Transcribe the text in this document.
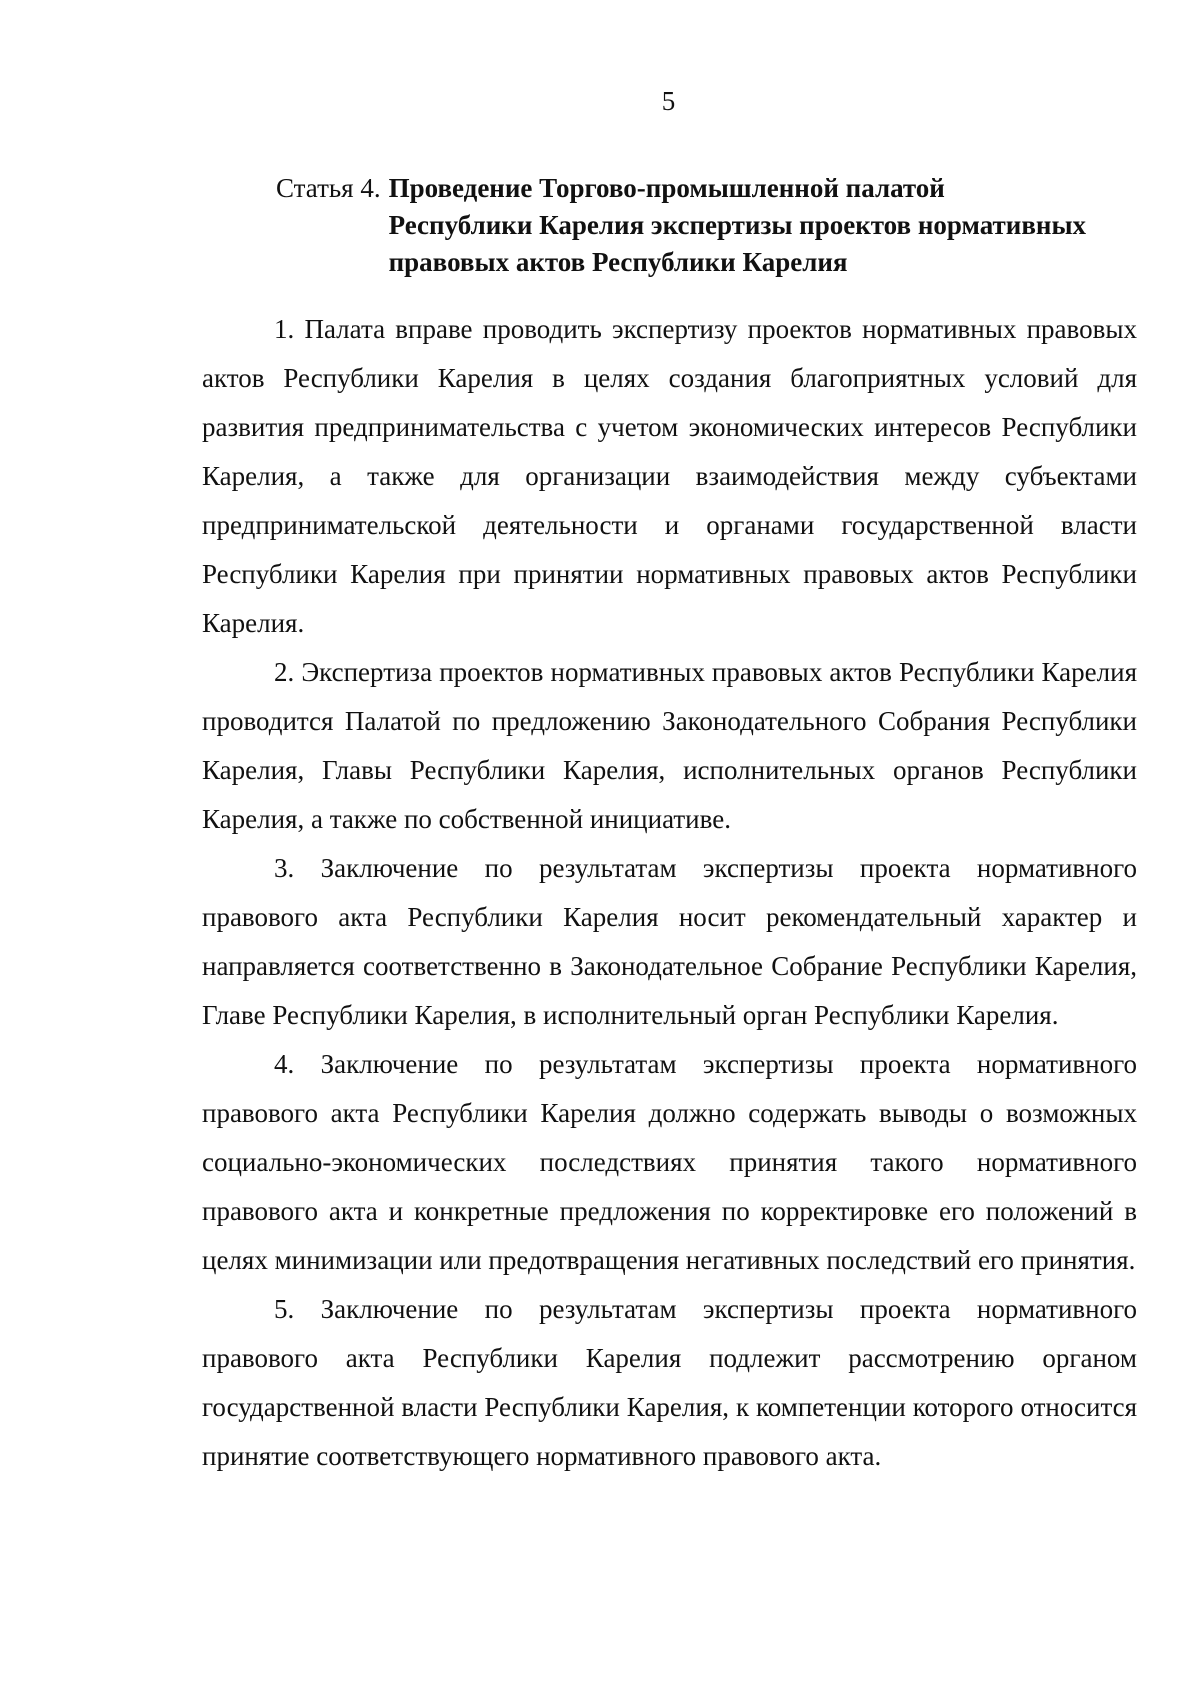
5
Статья 4. Проведение Торгово-промышленной палатой
Республики Карелия экспертизы проектов нормативных
правовых актов Республики Карелия

1. Палата вправе проводить экспертизу проектов нормативных правовых актов Республики Карелия в целях создания благоприятных условий для развития предпринимательства с учетом экономических интересов Республики Карелия, а также для организации взаимодействия между субъектами предпринимательской деятельности и органами государственной власти Республики Карелия при принятии нормативных правовых актов Республики Карелия.

2. Экспертиза проектов нормативных правовых актов Республики Карелия проводится Палатой по предложению Законодательного Собрания Республики Карелия, Главы Республики Карелия, исполнительных органов Республики Карелия, а также по собственной инициативе.

3. Заключение по результатам экспертизы проекта нормативного правового акта Республики Карелия носит рекомендательный характер и направляется соответственно в Законодательное Собрание Республики Карелия, Главе Республики Карелия, в исполнительный орган Республики Карелия.

4. Заключение по результатам экспертизы проекта нормативного правового акта Республики Карелия должно содержать выводы о возможных социально-экономических последствиях принятия такого нормативного правового акта и конкретные предложения по корректировке его положений в целях минимизации или предотвращения негативных последствий его принятия.

5. Заключение по результатам экспертизы проекта нормативного правового акта Республики Карелия подлежит рассмотрению органом государственной власти Республики Карелия, к компетенции которого относится принятие соответствующего нормативного правового акта.
